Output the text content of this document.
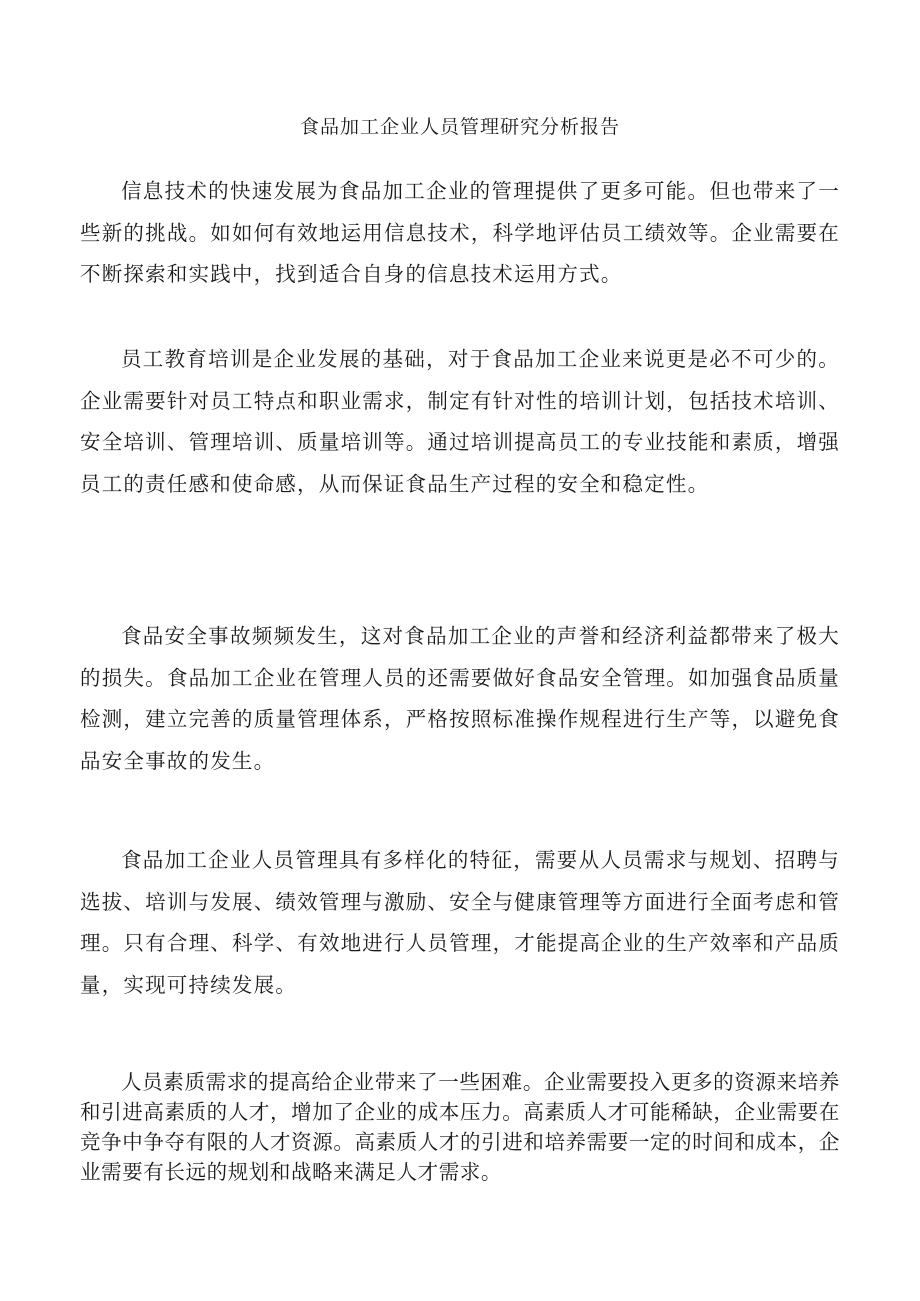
食品加工企业人员管理研究分析报告

信息技术的快速发展为食品加工企业的管理提供了更多可能。但也带来了一些新的挑战。如如何有效地运用信息技术，科学地评估员工绩效等。企业需要在不断探索和实践中，找到适合自身的信息技术运用方式。

员工教育培训是企业发展的基础，对于食品加工企业来说更是必不可少的。企业需要针对员工特点和职业需求，制定有针对性的培训计划，包括技术培训、安全培训、管理培训、质量培训等。通过培训提高员工的专业技能和素质，增强员工的责任感和使命感，从而保证食品生产过程的安全和稳定性。

食品安全事故频频发生，这对食品加工企业的声誉和经济利益都带来了极大的损失。食品加工企业在管理人员的还需要做好食品安全管理。如加强食品质量检测，建立完善的质量管理体系，严格按照标准操作规程进行生产等，以避免食品安全事故的发生。

食品加工企业人员管理具有多样化的特征，需要从人员需求与规划、招聘与选拔、培训与发展、绩效管理与激励、安全与健康管理等方面进行全面考虑和管理。只有合理、科学、有效地进行人员管理，才能提高企业的生产效率和产品质量，实现可持续发展。

人员素质需求的提高给企业带来了一些困难。企业需要投入更多的资源来培养和引进高素质的人才，增加了企业的成本压力。高素质人才可能稀缺，企业需要在竞争中争夺有限的人才资源。高素质人才的引进和培养需要一定的时间和成本，企业需要有长远的规划和战略来满足人才需求。
